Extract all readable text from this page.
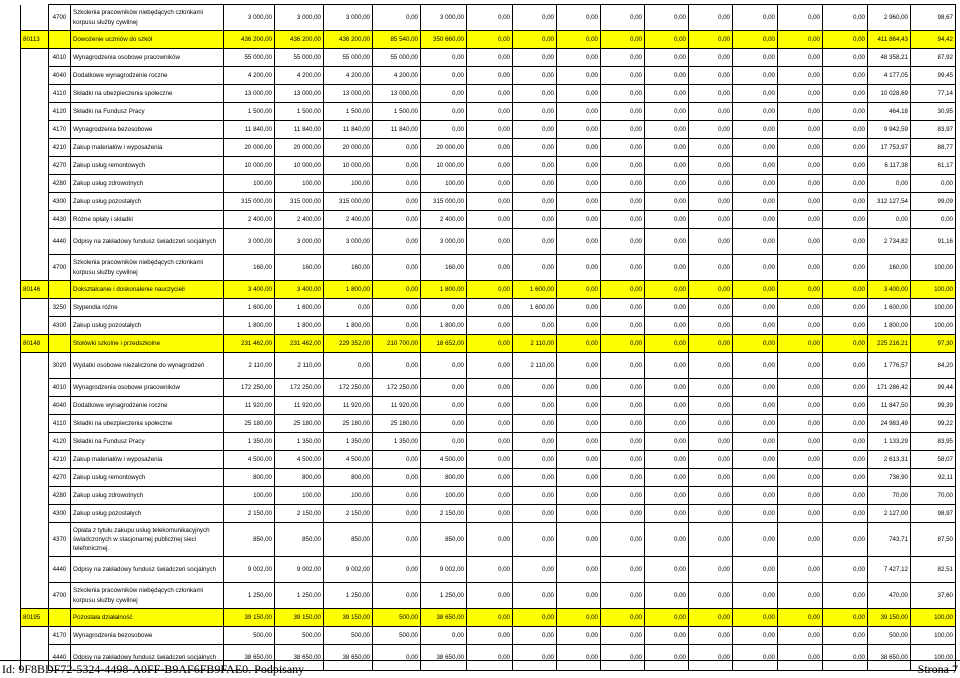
	4700	Szkolenia pracowników niebędących członkami korpusu służby cywilnej	3 000,00	3 000,00	3 000,00	0,00	3 000,00	0,00	0,00	0,00	0,00	0,00	0,00	0,00	0,00	0,00	2 960,00	98,67
80113		Dowożenie uczniów do szkół	436 200,00	436 200,00	436 200,00	85 540,00	350 660,00	0,00	0,00	0,00	0,00	0,00	0,00	0,00	0,00	0,00	411 864,43	94,42
	4010	Wynagrodzenia osobowe pracowników	55 000,00	55 000,00	55 000,00	55 000,00	0,00	0,00	0,00	0,00	0,00	0,00	0,00	0,00	0,00	0,00	48 358,21	87,92
	4040	Dodatkowe wynagrodzenie roczne	4 200,00	4 200,00	4 200,00	4 200,00	0,00	0,00	0,00	0,00	0,00	0,00	0,00	0,00	0,00	0,00	4 177,05	99,45
	4110	Składki na ubezpieczenia społeczne	13 000,00	13 000,00	13 000,00	13 000,00	0,00	0,00	0,00	0,00	0,00	0,00	0,00	0,00	0,00	0,00	10 028,69	77,14
	4120	Składki na Fundusz Pracy	1 500,00	1 500,00	1 500,00	1 500,00	0,00	0,00	0,00	0,00	0,00	0,00	0,00	0,00	0,00	0,00	464,18	30,95
	4170	Wynagrodzenia bezosobowe	11 840,00	11 840,00	11 840,00	11 840,00	0,00	0,00	0,00	0,00	0,00	0,00	0,00	0,00	0,00	0,00	9 942,59	83,97
	4210	Zakup materiałów i wyposażenia	20 000,00	20 000,00	20 000,00	0,00	20 000,00	0,00	0,00	0,00	0,00	0,00	0,00	0,00	0,00	0,00	17 753,97	88,77
	4270	Zakup usług remontowych	10 000,00	10 000,00	10 000,00	0,00	10 000,00	0,00	0,00	0,00	0,00	0,00	0,00	0,00	0,00	0,00	6 117,38	61,17
	4280	Zakup usług zdrowotnych	100,00	100,00	100,00	0,00	100,00	0,00	0,00	0,00	0,00	0,00	0,00	0,00	0,00	0,00	0,00	0,00
	4300	Zakup usług pozostałych	315 000,00	315 000,00	315 000,00	0,00	315 000,00	0,00	0,00	0,00	0,00	0,00	0,00	0,00	0,00	0,00	312 127,54	99,09
	4430	Różne opłaty i składki	2 400,00	2 400,00	2 400,00	0,00	2 400,00	0,00	0,00	0,00	0,00	0,00	0,00	0,00	0,00	0,00	0,00	0,00
	4440	Odpisy na zakładowy fundusz świadczeń socjalnych	3 000,00	3 000,00	3 000,00	0,00	3 000,00	0,00	0,00	0,00	0,00	0,00	0,00	0,00	0,00	0,00	2 734,82	91,16
	4700	Szkolenia pracowników niebędących członkami korpusu służby cywilnej	160,00	160,00	160,00	0,00	160,00	0,00	0,00	0,00	0,00	0,00	0,00	0,00	0,00	0,00	160,00	100,00
80146		Dokształcanie i doskonalenie nauczycieli	3 400,00	3 400,00	1 800,00	0,00	1 800,00	0,00	1 600,00	0,00	0,00	0,00	0,00	0,00	0,00	0,00	3 400,00	100,00
	3250	Stypendia różne	1 600,00	1 600,00	0,00	0,00	0,00	0,00	1 600,00	0,00	0,00	0,00	0,00	0,00	0,00	0,00	1 600,00	100,00
	4300	Zakup usług pozostałych	1 800,00	1 800,00	1 800,00	0,00	1 800,00	0,00	0,00	0,00	0,00	0,00	0,00	0,00	0,00	0,00	1 800,00	100,00
80148		Stołówki szkolne i przedszkolne	231 462,00	231 462,00	229 352,00	210 700,00	18 652,00	0,00	2 110,00	0,00	0,00	0,00	0,00	0,00	0,00	0,00	225 216,21	97,30
	3020	Wydatki osobowe niezaliczone do wynagrodzeń	2 110,00	2 110,00	0,00	0,00	0,00	0,00	2 110,00	0,00	0,00	0,00	0,00	0,00	0,00	0,00	1 776,57	84,20
	4010	Wynagrodzenia osobowe pracowników	172 250,00	172 250,00	172 250,00	172 250,00	0,00	0,00	0,00	0,00	0,00	0,00	0,00	0,00	0,00	0,00	171 286,42	99,44
	4040	Dodatkowe wynagrodzenie roczne	11 920,00	11 920,00	11 920,00	11 920,00	0,00	0,00	0,00	0,00	0,00	0,00	0,00	0,00	0,00	0,00	11 847,50	99,39
	4110	Składki na ubezpieczenia społeczne	25 180,00	25 180,00	25 180,00	25 180,00	0,00	0,00	0,00	0,00	0,00	0,00	0,00	0,00	0,00	0,00	24 983,49	99,22
	4120	Składki na Fundusz Pracy	1 350,00	1 350,00	1 350,00	1 350,00	0,00	0,00	0,00	0,00	0,00	0,00	0,00	0,00	0,00	0,00	1 133,29	83,95
	4210	Zakup materiałów i wyposażenia	4 500,00	4 500,00	4 500,00	0,00	4 500,00	0,00	0,00	0,00	0,00	0,00	0,00	0,00	0,00	0,00	2 613,31	58,07
	4270	Zakup usług remontowych	800,00	800,00	800,00	0,00	800,00	0,00	0,00	0,00	0,00	0,00	0,00	0,00	0,00	0,00	736,90	92,11
	4280	Zakup usług zdrowotnych	100,00	100,00	100,00	0,00	100,00	0,00	0,00	0,00	0,00	0,00	0,00	0,00	0,00	0,00	70,00	70,00
	4300	Zakup usług pozostałych	2 150,00	2 150,00	2 150,00	0,00	2 150,00	0,00	0,00	0,00	0,00	0,00	0,00	0,00	0,00	0,00	2 127,00	98,97
	4370	Opłata z tytułu zakupu usług telekomunikacyjnych świadczonych w stacjonarnej publicznej sieci telefonicznej.	850,00	850,00	850,00	0,00	850,00	0,00	0,00	0,00	0,00	0,00	0,00	0,00	0,00	0,00	743,71	87,50
	4440	Odpisy na zakładowy fundusz świadczeń socjalnych	9 002,00	9 002,00	9 002,00	0,00	9 002,00	0,00	0,00	0,00	0,00	0,00	0,00	0,00	0,00	0,00	7 427,12	82,51
	4700	Szkolenia pracowników niebędących członkami korpusu służby cywilnej	1 250,00	1 250,00	1 250,00	0,00	1 250,00	0,00	0,00	0,00	0,00	0,00	0,00	0,00	0,00	0,00	470,00	37,60
80195		Pozostała działalność	39 150,00	39 150,00	39 150,00	500,00	38 650,00	0,00	0,00	0,00	0,00	0,00	0,00	0,00	0,00	0,00	39 150,00	100,00
	4170	Wynagrodzenia bezosobowe	500,00	500,00	500,00	500,00	0,00	0,00	0,00	0,00	0,00	0,00	0,00	0,00	0,00	0,00	500,00	100,00
	4440	Odpisy na zakładowy fundusz świadczeń socjalnych	38 650,00	38 650,00	38 650,00	0,00	38 650,00	0,00	0,00	0,00	0,00	0,00	0,00	0,00	0,00	0,00	38 650,00	100,00
Id: 9F8BDF72-5324-4498-A0FF-B9AF6FB9FAE0. Podpisany	Strona 7
